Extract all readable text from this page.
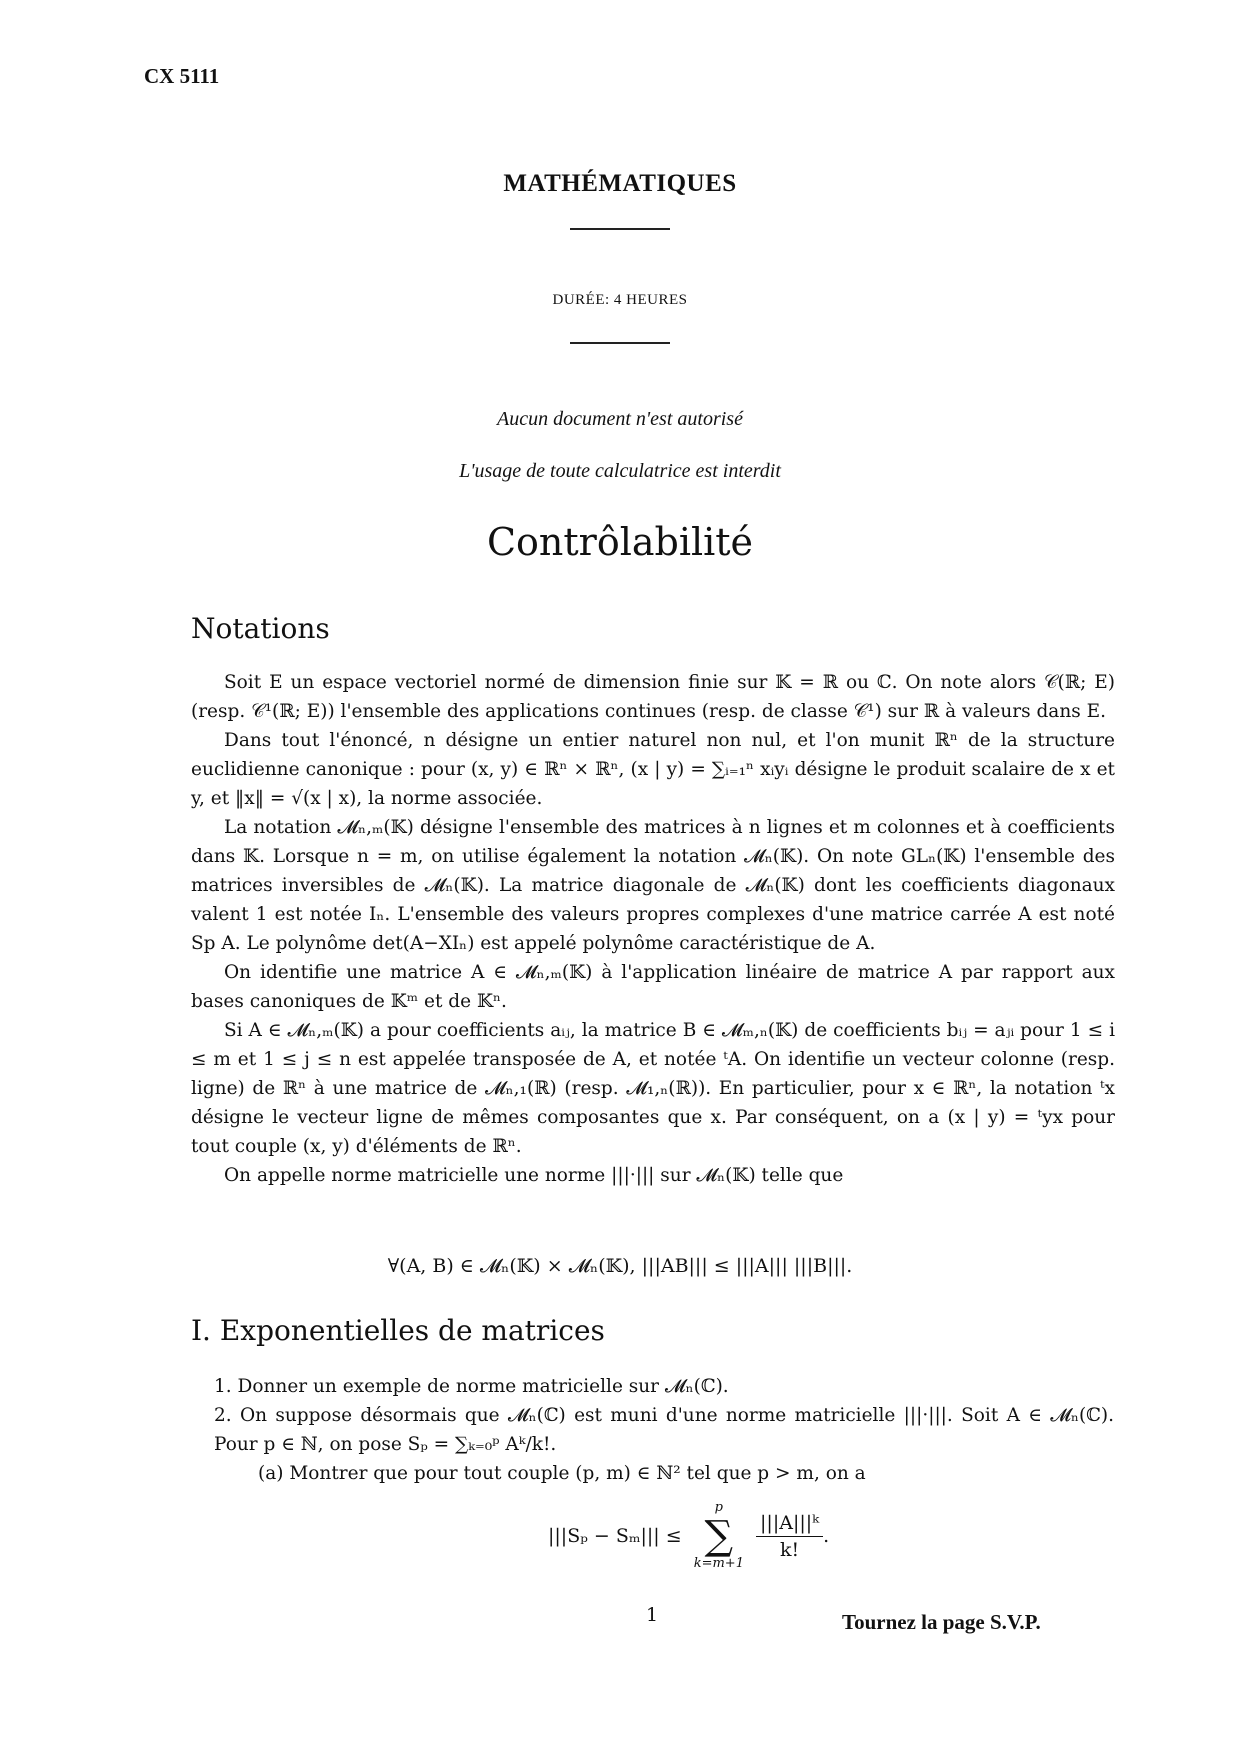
CX 5111
MATHÉMATIQUES
DURÉE: 4 HEURES
Aucun document n'est autorisé
L'usage de toute calculatrice est interdit
Contrôlabilité
Notations

Soit E un espace vectoriel normé de dimension finie sur 𝕂 = ℝ ou ℂ. On note alors 𝒞(ℝ; E) (resp. 𝒞¹(ℝ; E)) l'ensemble des applications continues (resp. de classe 𝒞¹) sur ℝ à valeurs dans E.

Dans tout l'énoncé, n désigne un entier naturel non nul, et l'on munit ℝⁿ de la structure euclidienne canonique : pour (x, y) ∈ ℝⁿ × ℝⁿ, (x | y) = ∑ᵢ₌₁ⁿ xᵢyᵢ désigne le produit scalaire de x et y, et ‖x‖ = √(x | x), la norme associée.

La notation 𝓜ₙ,ₘ(𝕂) désigne l'ensemble des matrices à n lignes et m colonnes et à coefficients dans 𝕂. Lorsque n = m, on utilise également la notation 𝓜ₙ(𝕂). On note GLₙ(𝕂) l'ensemble des matrices inversibles de 𝓜ₙ(𝕂). La matrice diagonale de 𝓜ₙ(𝕂) dont les coefficients diagonaux valent 1 est notée Iₙ. L'ensemble des valeurs propres complexes d'une matrice carrée A est noté Sp A. Le polynôme det(A−XIₙ) est appelé polynôme caractéristique de A.

On identifie une matrice A ∈ 𝓜ₙ,ₘ(𝕂) à l'application linéaire de matrice A par rapport aux bases canoniques de 𝕂ᵐ et de 𝕂ⁿ.

Si A ∈ 𝓜ₙ,ₘ(𝕂) a pour coefficients aᵢⱼ, la matrice B ∈ 𝓜ₘ,ₙ(𝕂) de coefficients bᵢⱼ = aⱼᵢ pour 1 ≤ i ≤ m et 1 ≤ j ≤ n est appelée transposée de A, et notée ᵗA. On identifie un vecteur colonne (resp. ligne) de ℝⁿ à une matrice de 𝓜ₙ,₁(ℝ) (resp. 𝓜₁,ₙ(ℝ)). En particulier, pour x ∈ ℝⁿ, la notation ᵗx désigne le vecteur ligne de mêmes composantes que x. Par conséquent, on a (x | y) = ᵗyx pour tout couple (x, y) d'éléments de ℝⁿ.

On appelle norme matricielle une norme |||·||| sur 𝓜ₙ(𝕂) telle que

∀(A, B) ∈ 𝓜ₙ(𝕂) × 𝓜ₙ(𝕂), |||AB||| ≤ |||A||| |||B|||.
I. Exponentielles de matrices

1. Donner un exemple de norme matricielle sur 𝓜ₙ(ℂ).

2. On suppose désormais que 𝓜ₙ(ℂ) est muni d'une norme matricielle |||·|||. Soit A ∈ 𝓜ₙ(ℂ). Pour p ∈ ℕ, on pose Sₚ = ∑ₖ₌₀ᵖ Aᵏ/k!.

(a) Montrer que pour tout couple (p, m) ∈ ℕ² tel que p > m, on a

|||Sₚ − Sₘ||| ≤
p
∑
k=m+1

$\frac{\text{|||A|||ᵏ}}{k!}$ .
1	Tournez la page S.V.P.
